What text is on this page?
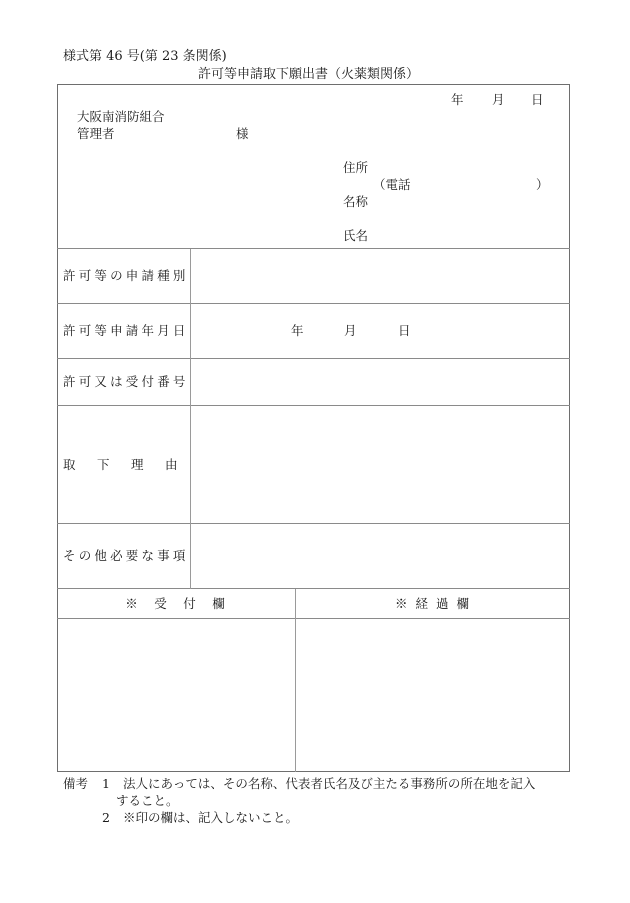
様式第 46 号(第 23 条関係)
許可等申請取下願出書（火薬類関係）
年 月 日
大阪南消防組合
管理者	様
住所
（電話	）
名称
氏名
許可等の申請種別
許可等申請年月日	年	月	日
許可又は受付番号
取　下　理　由
その他必要な事項
※　受　付　欄	※ 経 過 欄
備考 1 法人にあっては、その名称、代表者氏名及び主たる事務所の所在地を記入
すること。
2 ※印の欄は、記入しないこと。
